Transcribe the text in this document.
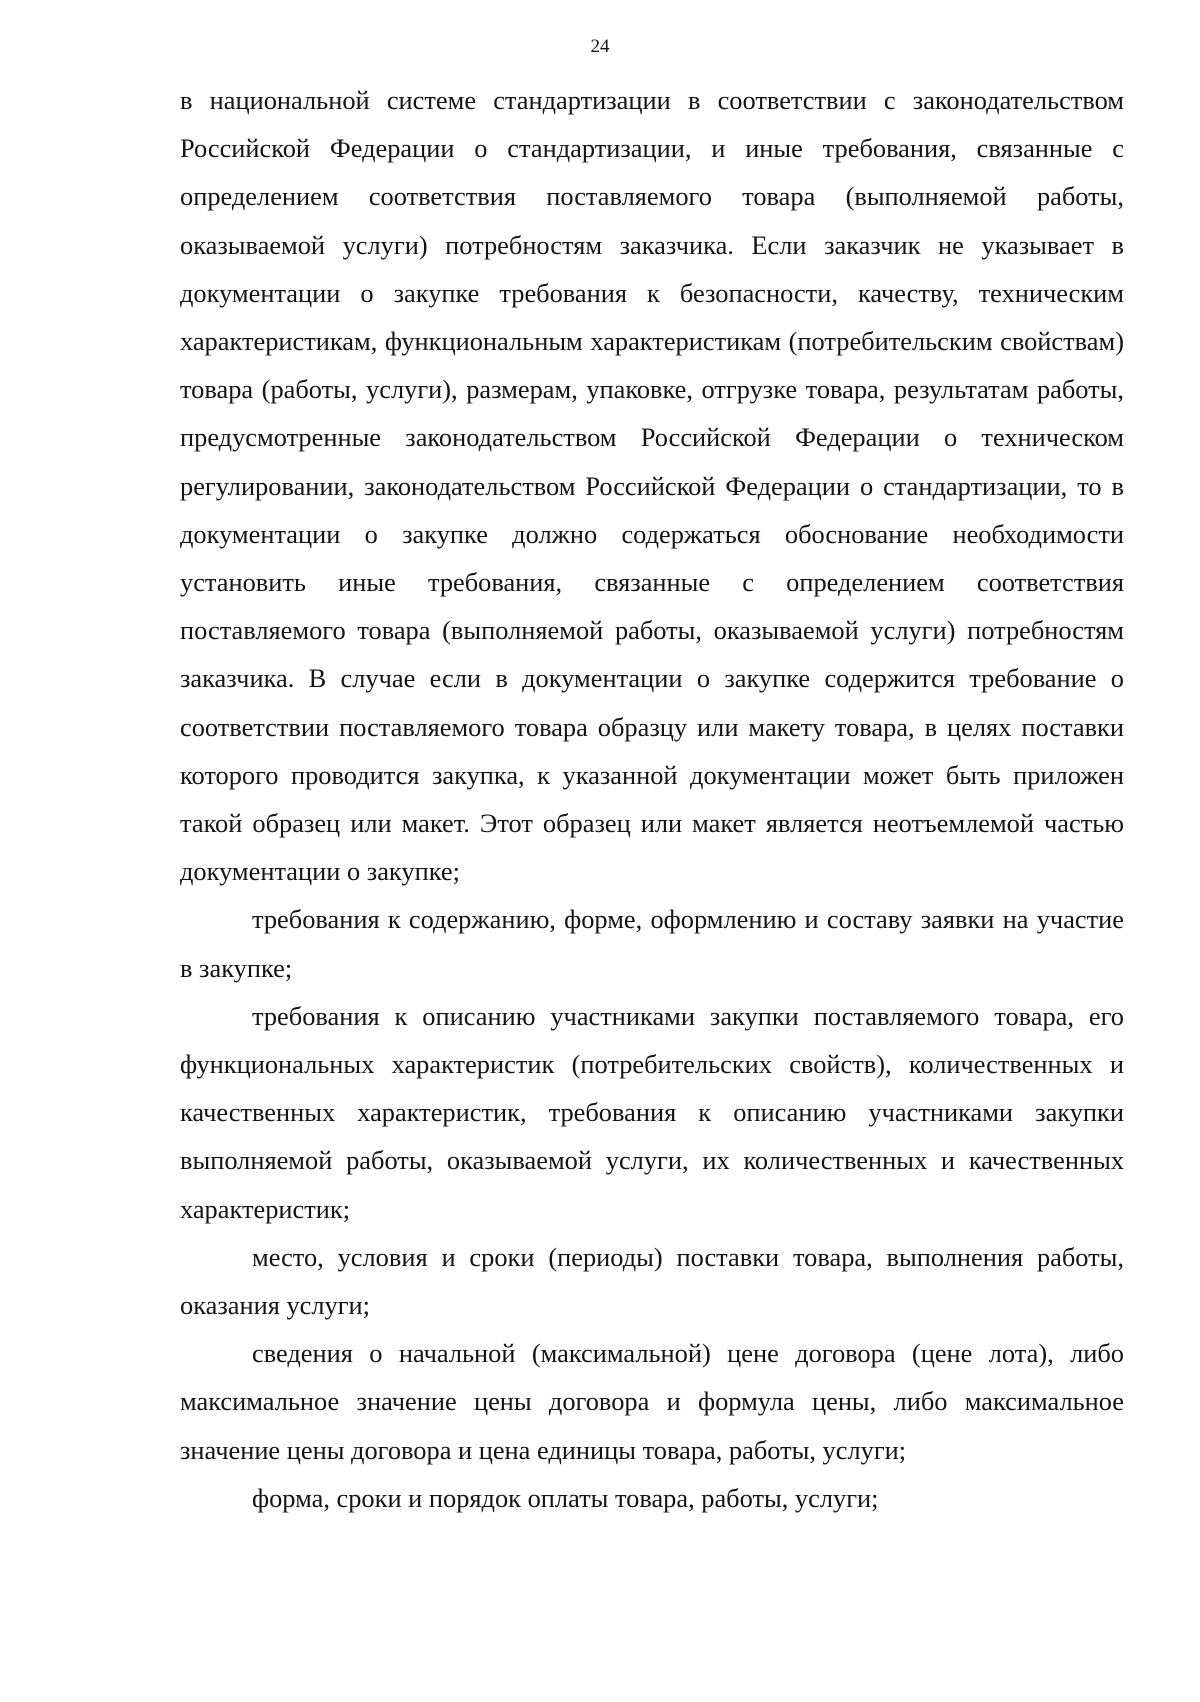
24

в национальной системе стандартизации в соответствии с законодательством Российской Федерации о стандартизации, и иные требования, связанные с определением соответствия поставляемого товара (выполняемой работы, оказываемой услуги) потребностям заказчика. Если заказчик не указывает в документации о закупке требования к безопасности, качеству, техническим характеристикам, функциональным характеристикам (потребительским свойствам) товара (работы, услуги), размерам, упаковке, отгрузке товара, результатам работы, предусмотренные законодательством Российской Федерации о техническом регулировании, законодательством Российской Федерации о стандартизации, то в документации о закупке должно содержаться обоснование необходимости установить иные требования, связанные с определением соответствия поставляемого товара (выполняемой работы, оказываемой услуги) потребностям заказчика. В случае если в документации о закупке содержится требование о соответствии поставляемого товара образцу или макету товара, в целях поставки которого проводится закупка, к указанной документации может быть приложен такой образец или макет. Этот образец или макет является неотъемлемой частью документации о закупке;

требования к содержанию, форме, оформлению и составу заявки на участие в закупке;

требования к описанию участниками закупки поставляемого товара, его функциональных характеристик (потребительских свойств), количественных и качественных характеристик, требования к описанию участниками закупки выполняемой работы, оказываемой услуги, их количественных и качественных характеристик;

место, условия и сроки (периоды) поставки товара, выполнения работы, оказания услуги;

сведения о начальной (максимальной) цене договора (цене лота), либо максимальное значение цены договора и формула цены, либо максимальное значение цены договора и цена единицы товара, работы, услуги;

форма, сроки и порядок оплаты товара, работы, услуги;
